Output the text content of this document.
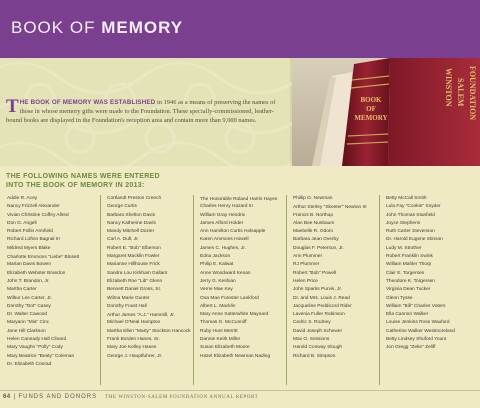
BOOK OF MEMORY
THE BOOK OF MEMORY WAS ESTABLISHED in 1946 as a means of preserving the names of those in whose memory gifts were made to the Foundation. These specially-commissioned, leather-bound books are displayed in the Foundation's reception area and contain more than 9,000 names.
BOOK
OF
MEMORY
WINSTON SALEM FOUNDATION
THE FOLLOWING NAMES WERE ENTERED
INTO THE BOOK OF MEMORY IN 2013:
Addie R. Acey
Nancy Frizzell Alexander
Vivian Christine Coffey Allred
Don G. Angell
Robert Follin Armfield
Richard Lofton Bagnal III
Mildred Myers Blake
Charlotte Emmons "Liebe" Blosett
Marian Davis Bowen
Elizabeth Webster Brandon
John T. Brandon, Jr.
Martha Carter
Wilbur Lee Carter, Jr.
Dorothy "Dot" Casey
Dr. Walter Cawood
Maryann "Mia" Cinc
Jane Hill Clarkson
Helen Cannady Hall Clinard
Mary Vaughn "Polly" Cody
Mary Beatrice "Beaty" Coleman
Dr. Elizabeth Conrad
Cortlandt Preston Creech
George Curtis
Barbara Shelton Davis
Nancy Katherine Davis
Mandy Mitchell Dozier
Carl A. Dull, Jr.
Robert E. "Bob" Elberson
Margaret Macklin Fowler
Marianne Hillhouse Frick
Sandra Lou Kirkham Gallant
Elizabeth Roe "Lib" Glenn
Bennett Daniel Gross, Sr.
Wilma Marie Gunter
Dorothy Foust Hall
Arthur James "A.J." Hammill, Jr.
Michael O'Neal Hampton
Martha Ellen "Marty" Stockton Hancock
Frank Borden Hanes, Sr.
Mary Joe Kelley Hanes
George J. Hauptfuhrer, Jr.
The Honorable Roland Harris Hayes
Charles Henry Hazard III
William Gray Hendrix
James Alford Holder
Ann Hamilton Curtis Holsapple
Karen Ammons Howell
James C. Hughes, Jr.
Edna Jackson
Philip E. Kalwat
Anne Woodward Kenan
Jerry G. Keshian
Verne Mae Key
Ona Mae Forester Lankford
Albert L. Macklin
Mary Anne Satterwhite Maynard
Thomas G. McCunniff
Ruby Hunt Merritt
Dannie Keith Miller
Susan Elizabeth Moore
Hazel Elizabeth Newman Nading
Phillip O. Newman
Arthur Sterley "Skeeter" Newton III
Francis B. Northup
Alan Bee Nusbaum
Maebelle R. Odom
Barbara Jean Overby
Douglas F. Peterson, Jr.
Ann Plummer
RJ Plummer
Robert "Bob" Powell
Helen Price
John Sparks Purvis, Jr.
Dr. and Mrs. Louis J. Read
Jacqueline Peddicord Rider
Lavenia Fuller Robinson
Cedric S. Rodney
David Joseph Schewer
Max O. Sessions
Harold Conway Slough
Richard B. Simpson
Betty McCall Smith
Lula Fay "Cookie" Snyder
John Thomas Stanfield
Joyce Stephens
Ruth Carter Stevenson
Dr. Harold Eugene Stinson
Ludy M. Strother
Robert Franklin Swink
William Mahler Thorp
Clair E. Torgersen
Theodore K. Torgersen
Virginia Dean Tucker
Glenn Tysse
William "Bill" Charles Voters
Ella Cannon Walker
Louise Jenkins Rose Wauford
Catherine Walker Westmoreland
Betty Lindsey Shuford Yount
Jon Gregg "Zeke" Zeliff
64 | FUNDS AND DONORS THE WINSTON-SALEM FOUNDATION ANNUAL REPORT
